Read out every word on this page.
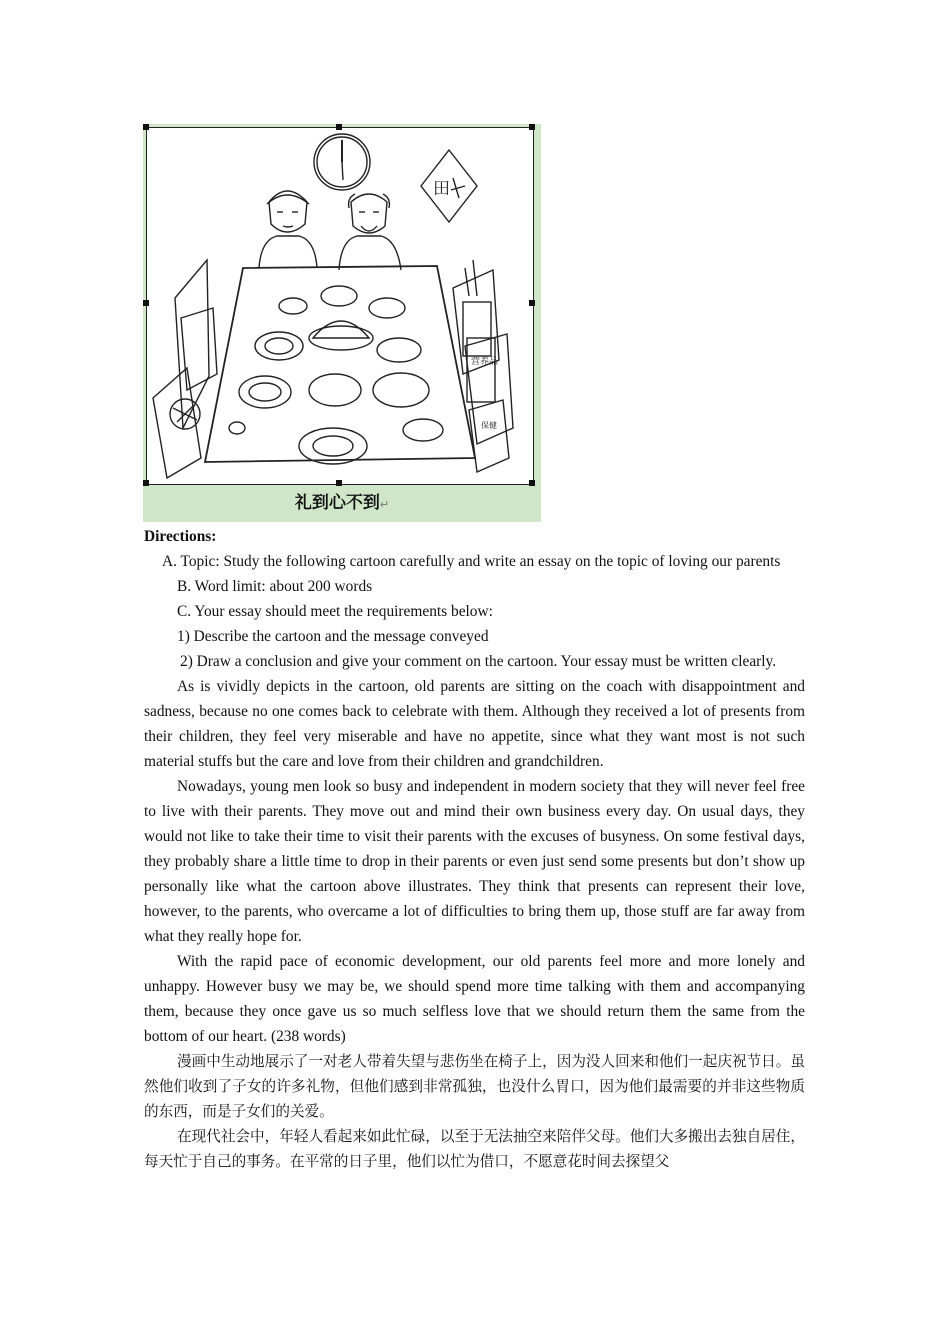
田
营养品
保健
礼到心不到↵

Directions:

A. Topic: Study the following cartoon carefully and write an essay on the topic of loving our parents

B. Word limit: about 200 words

C. Your essay should meet the requirements below:

1) Describe the cartoon and the message conveyed

2) Draw a conclusion and give your comment on the cartoon. Your essay must be written clearly.

As is vividly depicts in the cartoon, old parents are sitting on the coach with disappointment and sadness, because no one comes back to celebrate with them. Although they received a lot of presents from their children, they feel very miserable and have no appetite, since what they want most is not such material stuffs but the care and love from their children and grandchildren.

Nowadays, young men look so busy and independent in modern society that they will never feel free to live with their parents. They move out and mind their own business every day. On usual days, they would not like to take their time to visit their parents with the excuses of busyness. On some festival days, they probably share a little time to drop in their parents or even just send some presents but don’t show up personally like what the cartoon above illustrates. They think that presents can represent their love, however, to the parents, who overcame a lot of difficulties to bring them up, those stuff are far away from what they really hope for.

With the rapid pace of economic development, our old parents feel more and more lonely and unhappy. However busy we may be, we should spend more time talking with them and accompanying them, because they once gave us so much selfless love that we should return them the same from the bottom of our heart. (238 words)

漫画中生动地展示了一对老人带着失望与悲伤坐在椅子上，因为没人回来和他们一起庆祝节日。虽然他们收到了子女的许多礼物，但他们感到非常孤独，也没什么胃口，因为他们最需要的并非这些物质的东西，而是子女们的关爱。

在现代社会中，年轻人看起来如此忙碌，以至于无法抽空来陪伴父母。他们大多搬出去独自居住，每天忙于自己的事务。在平常的日子里，他们以忙为借口，不愿意花时间去探望父
